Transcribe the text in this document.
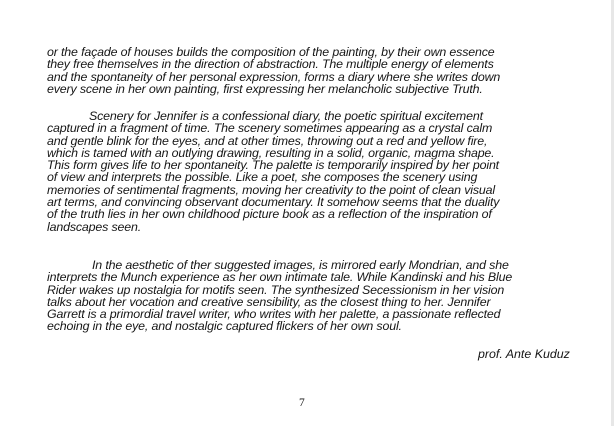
or the façade of houses builds the composition of the painting, by their own essence
they free themselves in the direction of abstraction. The multiple energy of elements
and the spontaneity of her personal expression, forms a diary where she writes down
every scene in her own painting, first expressing her melancholic subjective Truth.
Scenery for Jennifer is a confessional diary, the poetic spiritual excitement
captured in a fragment of time. The scenery sometimes appearing as a crystal calm
and gentle blink for the eyes, and at other times, throwing out a red and yellow fire,
which is tamed with an outlying drawing, resulting in a solid, organic, magma shape.
This form gives life to her spontaneity. The palette is temporarily inspired by her point
of view and interprets the possible. Like a poet, she composes the scenery using
memories of sentimental fragments, moving her creativity to the point of clean visual
art terms, and convincing observant documentary. It somehow seems that the duality
of the truth lies in her own childhood picture book as a reflection of the inspiration of
landscapes seen.
In the aesthetic of ther suggested images, is mirrored early Mondrian, and she
interprets the Munch experience as her own intimate tale. While Kandinski and his Blue
Rider wakes up nostalgia for motifs seen. The synthesized Secessionism in her vision
talks about her vocation and creative sensibility, as the closest thing to her. Jennifer
Garrett is a primordial travel writer, who writes with her palette, a passionate reflected
echoing in the eye, and nostalgic captured flickers of her own soul.
prof. Ante Kuduz
7
